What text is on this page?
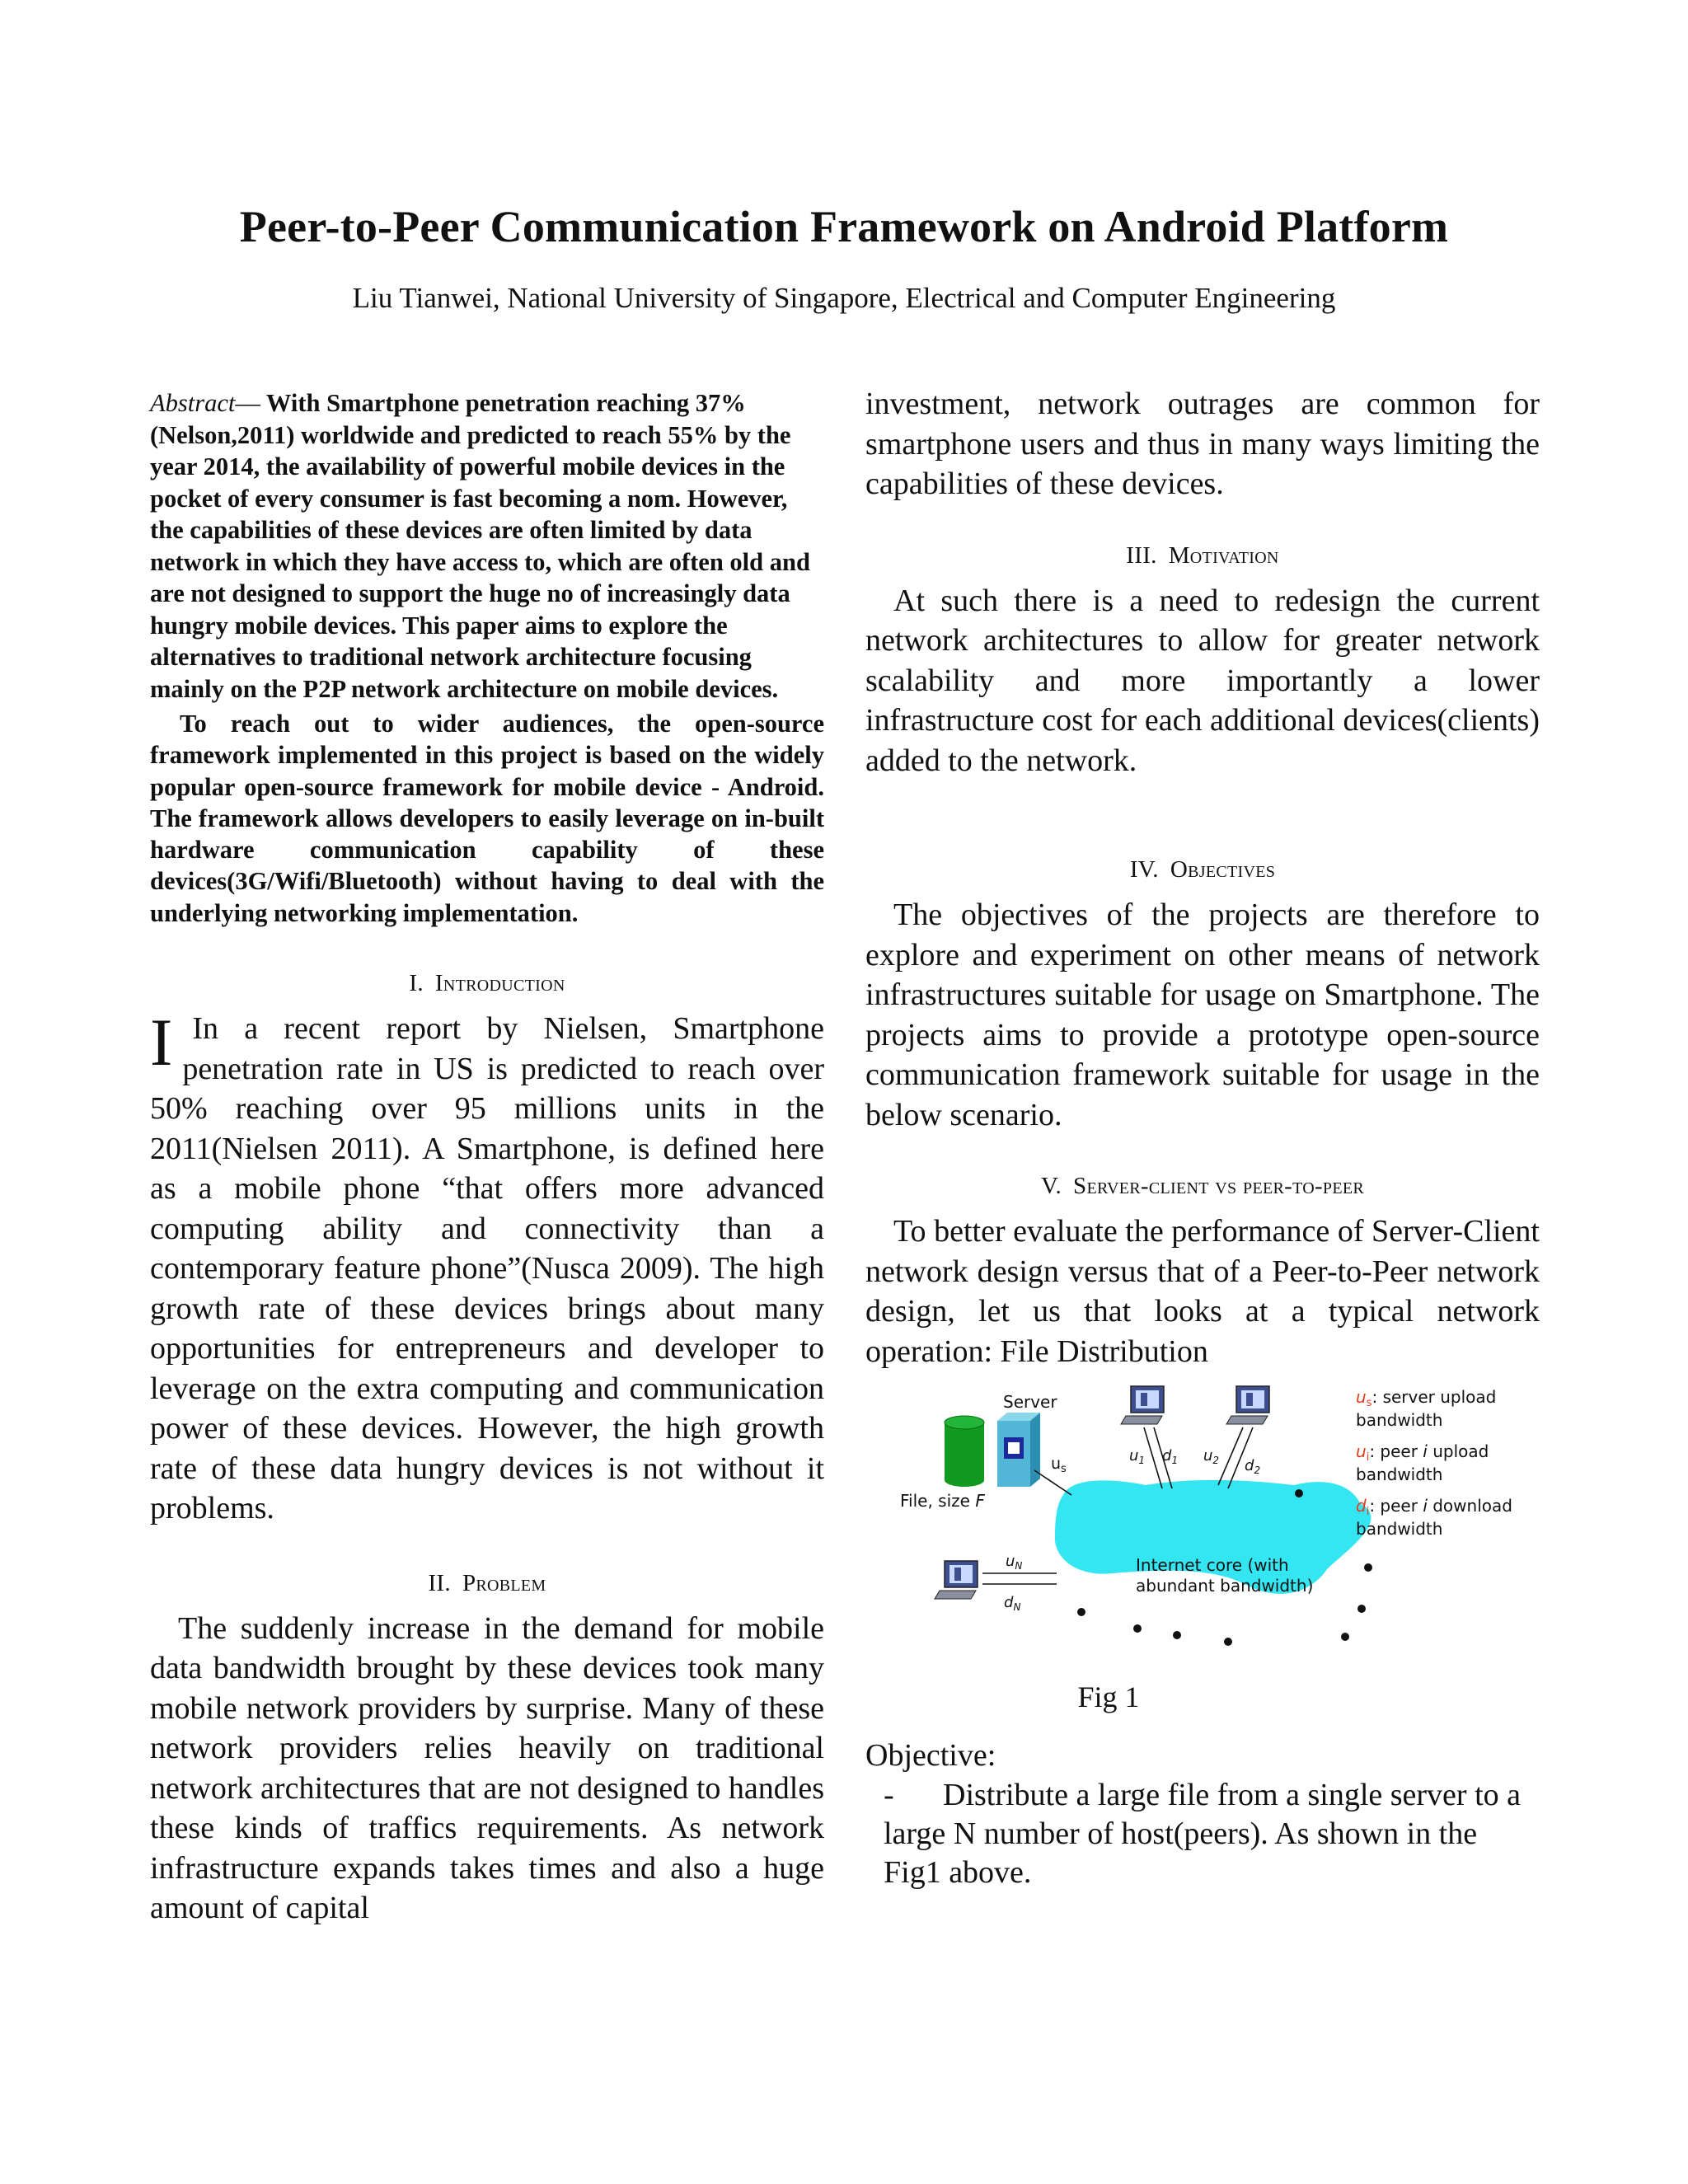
Peer-to-Peer Communication Framework on Android Platform

Liu Tianwei, National University of Singapore, Electrical and Computer Engineering

Abstract— With Smartphone penetration reaching 37%(Nelson,2011) worldwide and predicted to reach 55% by the year 2014, the availability of powerful mobile devices in the pocket of every consumer is fast becoming a nom. However, the capabilities of these devices are often limited by data network in which they have access to, which are often old and are not designed to support the huge no of increasingly data hungry mobile devices. This paper aims to explore the alternatives to traditional network architecture focusing mainly on the P2P network architecture on mobile devices.

To reach out to wider audiences, the open-source framework implemented in this project is based on the widely popular open-source framework for mobile device - Android. The framework allows developers to easily leverage on in-built hardware communication capability of these devices(3G/Wifi/Bluetooth) without having to deal with the underlying networking implementation.

I. Introduction

I In a recent report by Nielsen, Smartphone penetration rate in US is predicted to reach over 50% reaching over 95 millions units in the 2011(Nielsen 2011). A Smartphone, is defined here as a mobile phone “that offers more advanced computing ability and connectivity than a contemporary feature phone”(Nusca 2009). The high growth rate of these devices brings about many opportunities for entrepreneurs and developer to leverage on the extra computing and communication power of these devices. However, the high growth rate of these data hungry devices is not without it problems.

II. Problem

The suddenly increase in the demand for mobile data bandwidth brought by these devices took many mobile network providers by surprise. Many of these network providers relies heavily on traditional network architectures that are not designed to handles these kinds of traffics requirements. As network infrastructure expands takes times and also a huge amount of capital

investment, network outrages are common for smartphone users and thus in many ways limiting the capabilities of these devices.

III. Motivation

At such there is a need to redesign the current network architectures to allow for greater network scalability and more importantly a lower infrastructure cost for each additional devices(clients) added to the network.

IV. Objectives

The objectives of the projects are therefore to explore and experiment on other means of network infrastructures suitable for usage on Smartphone. The projects aims to provide a prototype open-source communication framework suitable for usage in the below scenario.

V. Server-client vs peer-to-peer

To better evaluate the performance of Server-Client network design versus that of a Peer-to-Peer network design, let us that looks at a typical network operation: File Distribution

Internet core (with
abundant bandwidth)
File, size F
Server
$u_s$
$u_1$ $d_1$ $u_2$ $d_2$
$u_N$
$d_N$
$u_s$: server upload
bandwidth
$u_i$: peer i upload
bandwidth
$d_i$: peer i download
bandwidth
Fig 1

Objective:

- Distribute a large file from a single server to a large N number of host(peers). As shown in the Fig1 above.
